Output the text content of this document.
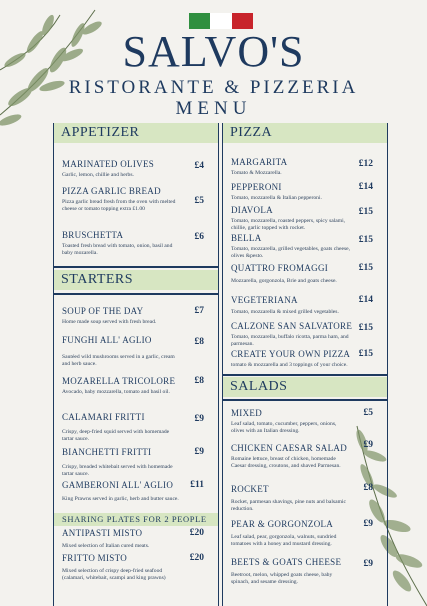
SALVO'S
RISTORANTE & PIZZERIA
MENU
APPETIZER
£4
MARINATED OLIVES
Garlic, lemon, chillie and herbs.
£5
PIZZA GARLIC BREAD
Pizza garlic bread fresh from the oven with melted cheese or tomato topping extra £1.00
£6
BRUSCHETTA
Toasted fresh bread with tomato, onion, basil and baby mozarella.
STARTERS
£7
SOUP OF THE DAY
Home made soup served with fresh bread.
£8
FUNGHI ALL' AGLIO
Sautéed wild mushrooms served in a garlic, cream and herb sauce.
£8
MOZARELLA TRICOLORE
Avocado, baby mozzarella, tomato and basil oil.
£9
CALAMARI FRITTI
Crispy, deep-fried squid served with homemade tartar sauce.
£9
BIANCHETTI FRITTI
Crispy, breaded whitebait served with homemade tartar sauce.
£11
GAMBERONI ALL' AGLIO
King Prawns served in garlic, herb and butter sauce.
SHARING PLATES FOR 2 PEOPLE
£20
ANTIPASTI MISTO
Mixed selection of Italian cured meats.
£20
FRITTO MISTO
Mixed selection of crispy deep-fried seafood (calamari, whitebait, scampi and king prawns)
PIZZA
£12
MARGARITA
Tomato & Mozzarella.
£14
PEPPERONI
Tomato, mozzarella & Italian pepperoni.
£15
DIAVOLA
Tomato, mozzarella, roasted peppers, spicy salami, chillie, garlic topped with rocket.
£15
BELLA
Tomato, mozzarella, grilled vegetables, goats cheese, olives &pesto.
£15
QUATTRO FROMAGGI
Mozzarella, gorgonzola, Brie and goats cheese.
£14
VEGETERIANA
Tomato, mozzarella & mixed grilled vegetables.
£15
CALZONE SAN SALVATORE
Tomato, mozzarella, buffalo ricotta, parma ham, and parmesan.
£15
CREATE YOUR OWN PIZZA
tomato & mozzarella and 3 toppings of your choice.
SALADS
£5
MIXED
Leaf salad, tomato, cucumber, peppers, onions, olives with an Italian dressing.
£9
CHICKEN CAESAR SALAD
Romaine lettuce, breast of chicken, homemade Caesar dressing, croutons, and shaved Parmesan.
£8
ROCKET
Rocket, parmesan shavings, pine nuts and balsamic reduction.
£9
PEAR & GORGONZOLA
Leaf salad, pear, gorgonzola, walnuts, sundried tomatoes with a honey and mustard dressing.
£9
BEETS & GOATS CHEESE
Beetroot, melon, whipped goats cheese, baby spinach, and sesame dressing.
